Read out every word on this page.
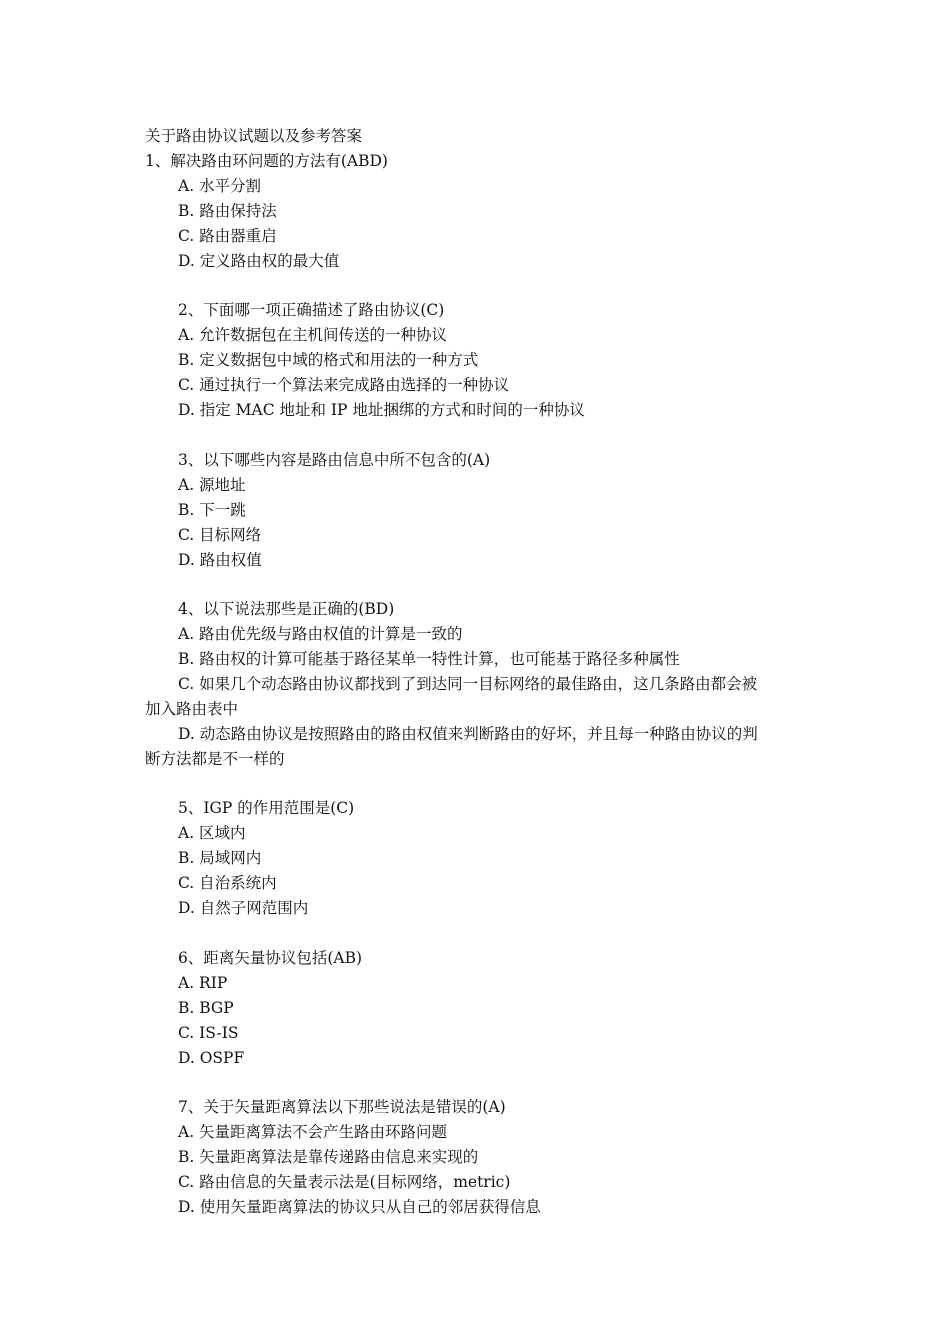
关于路由协议试题以及参考答案
1、解决路由环问题的方法有(ABD)
A. 水平分割
B. 路由保持法
C. 路由器重启
D. 定义路由权的最大值
2、下面哪一项正确描述了路由协议(C)
A. 允许数据包在主机间传送的一种协议
B. 定义数据包中域的格式和用法的一种方式
C. 通过执行一个算法来完成路由选择的一种协议
D. 指定 MAC 地址和 IP 地址捆绑的方式和时间的一种协议
3、以下哪些内容是路由信息中所不包含的(A)
A. 源地址
B. 下一跳
C. 目标网络
D. 路由权值
4、以下说法那些是正确的(BD)
A. 路由优先级与路由权值的计算是一致的
B. 路由权的计算可能基于路径某单一特性计算，也可能基于路径多种属性
C. 如果几个动态路由协议都找到了到达同一目标网络的最佳路由，这几条路由都会被
加入路由表中
D. 动态路由协议是按照路由的路由权值来判断路由的好坏，并且每一种路由协议的判
断方法都是不一样的
5、IGP 的作用范围是(C)
A. 区域内
B. 局域网内
C. 自治系统内
D. 自然子网范围内
6、距离矢量协议包括(AB)
A. RIP
B. BGP
C. IS-IS
D. OSPF
7、关于矢量距离算法以下那些说法是错误的(A)
A. 矢量距离算法不会产生路由环路问题
B. 矢量距离算法是靠传递路由信息来实现的
C. 路由信息的矢量表示法是(目标网络，metric)
D. 使用矢量距离算法的协议只从自己的邻居获得信息
